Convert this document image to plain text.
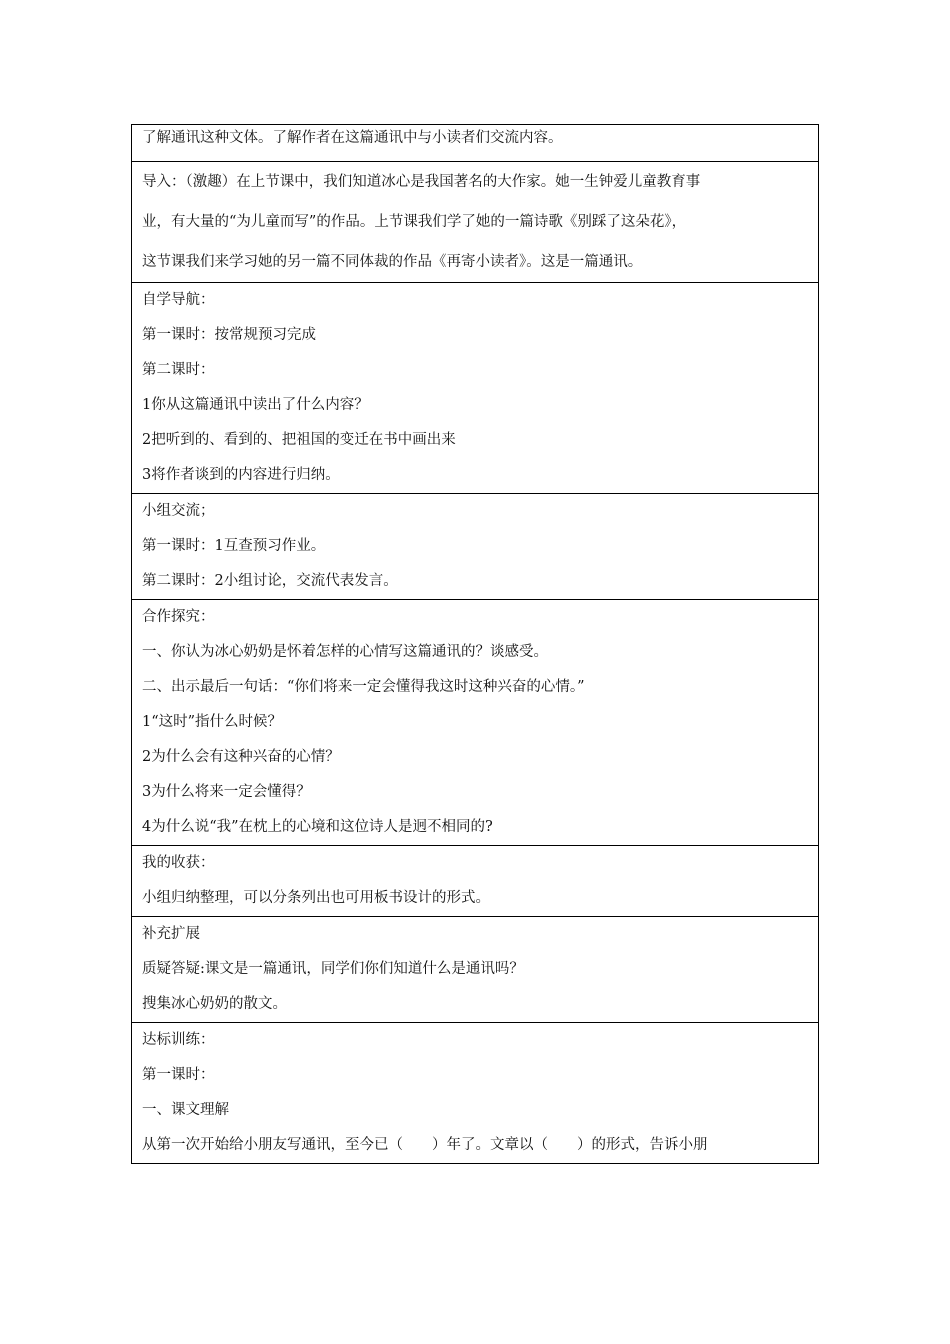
了解通讯这种文体。了解作者在这篇通讯中与小读者们交流内容。

导入：（激趣）在上节课中，我们知道冰心是我国著名的大作家。她一生钟爱儿童教育事
业，有大量的“为儿童而写”的作品。上节课我们学了她的一篇诗歌《别踩了这朵花》，
这节课我们来学习她的另一篇不同体裁的作品《再寄小读者》。这是一篇通讯。

自学导航：
第一课时：按常规预习完成
第二课时：
1你从这篇通讯中读出了什么内容？
2把听到的、看到的、把祖国的变迁在书中画出来
3将作者谈到的内容进行归纳。

小组交流；
第一课时：1互查预习作业。
第二课时：2小组讨论，交流代表发言。

合作探究：
一、你认为冰心奶奶是怀着怎样的心情写这篇通讯的？谈感受。
二、出示最后一句话：“你们将来一定会懂得我这时这种兴奋的心情。”
1“这时”指什么时候？
2为什么会有这种兴奋的心情？
3为什么将来一定会懂得？
4为什么说“我”在枕上的心境和这位诗人是迥不相同的?

我的收获：
小组归纳整理，可以分条列出也可用板书设计的形式。

补充扩展
质疑答疑:课文是一篇通讯，同学们你们知道什么是通讯吗？
搜集冰心奶奶的散文。

达标训练：
第一课时：
一、课文理解
从第一次开始给小朋友写通讯，至今已（　　）年了。文章以（　　）的形式，告诉小朋
